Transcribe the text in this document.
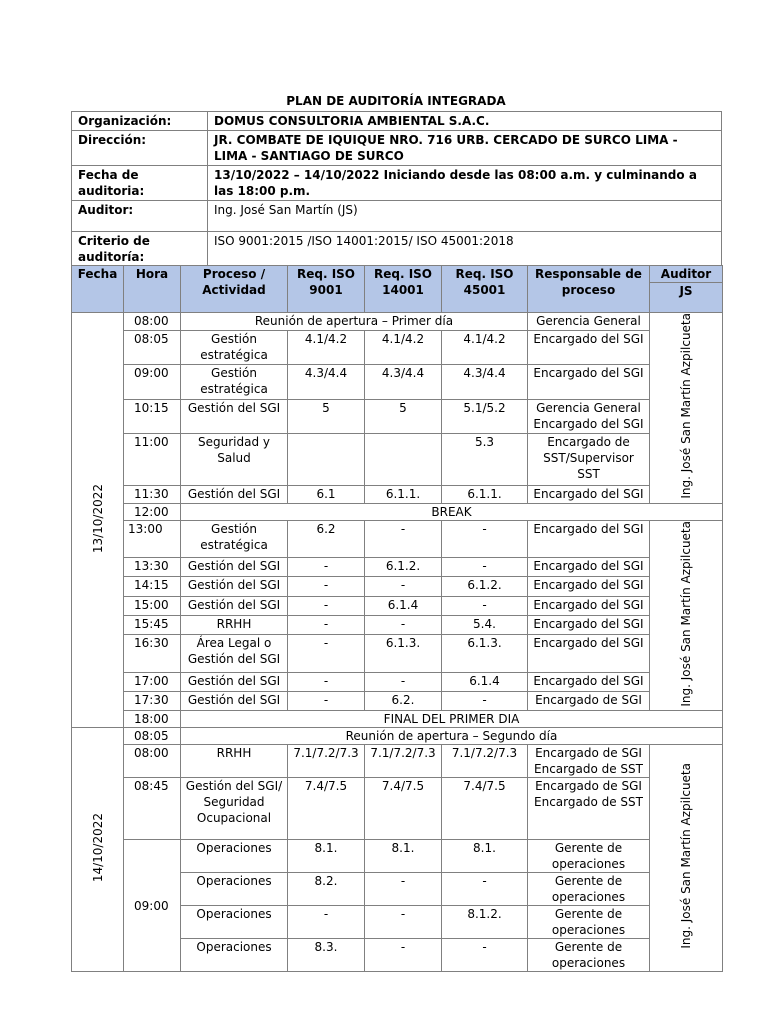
PLAN DE AUDITORÍA INTEGRADA
Organización:	DOMUS CONSULTORIA AMBIENTAL S.A.C.
Dirección:	JR. COMBATE DE IQUIQUE NRO. 716 URB. CERCADO DE SURCO LIMA - LIMA - SANTIAGO DE SURCO
Fecha de auditoria:	13/10/2022 – 14/10/2022 Iniciando desde las 08:00 a.m. y culminando a las 18:00 p.m.
Auditor:	Ing. José San Martín (JS)
Criterio de auditoría:	ISO 9001:2015 /ISO 14001:2015/ ISO 45001:2018
Fecha	Hora	Proceso / Actividad	Req. ISO 9001	Req. ISO 14001	Req. ISO 45001	Responsable de proceso	Auditor
							JS
13/10/2022	08:00	Reunión de apertura – Primer día				Gerencia General	Ing. José San Martín Azpilcueta
	08:05	Gestión estratégica	4.1/4.2	4.1/4.2	4.1/4.2	Encargado del SGI	
	09:00	Gestión estratégica	4.3/4.4	4.3/4.4	4.3/4.4	Encargado del SGI	
	10:15	Gestión del SGI	5	5	5.1/5.2	Gerencia General Encargado del SGI	
	11:00	Seguridad y Salud			5.3	Encargado de SST/Supervisor SST	
	11:30	Gestión del SGI	6.1	6.1.1.	6.1.1.	Encargado del SGI	
	12:00	BREAK					
	13:00	Gestión estratégica	6.2	-	-	Encargado del SGI	Ing. José San Martín Azpilcueta
	13:30	Gestión del SGI	-	6.1.2.	-	Encargado del SGI	
	14:15	Gestión del SGI	-	-	6.1.2.	Encargado del SGI	
	15:00	Gestión del SGI	-	6.1.4	-	Encargado del SGI	
	15:45	RRHH	-	-	5.4.	Encargado del SGI	
	16:30	Área Legal o Gestión del SGI	-	6.1.3.	6.1.3.	Encargado del SGI	
	17:00	Gestión del SGI	-	-	6.1.4	Encargado del SGI	
	17:30	Gestión del SGI	-	6.2.	-	Encargado de SGI	
	18:00	FINAL DEL PRIMER DIA					
14/10/2022	08:05	Reunión de apertura – Segundo día					
	08:00	RRHH	7.1/7.2/7.3	7.1/7.2/7.3	7.1/7.2/7.3	Encargado de SGI Encargado de SST	Ing. José San Martín Azpilcueta
	08:45	Gestión del SGI/ Seguridad Ocupacional	7.4/7.5	7.4/7.5	7.4/7.5	Encargado de SGI Encargado de SST	
	09:00	Operaciones	8.1.	8.1.	8.1.	Gerente de operaciones	
		Operaciones	8.2.	-	-	Gerente de operaciones	
		Operaciones	-	-	8.1.2.	Gerente de operaciones	
		Operaciones	8.3.	-	-	Gerente de operaciones	
